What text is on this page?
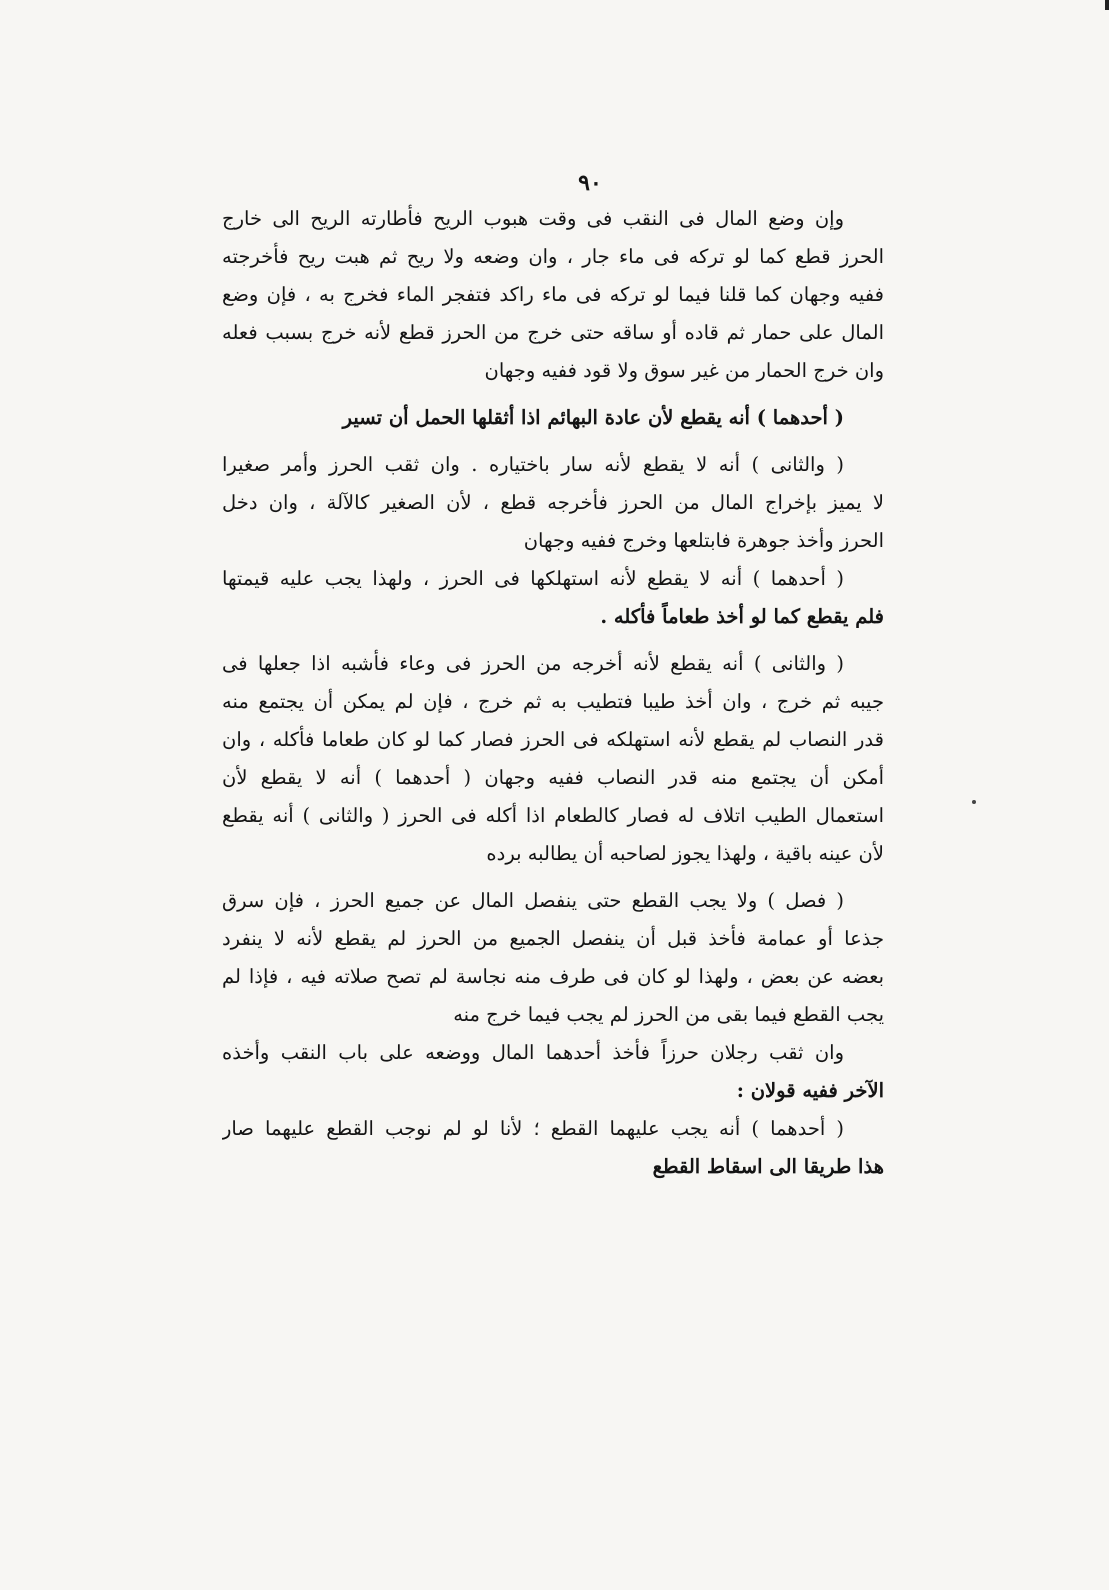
٩٠
وإن وضع المال فى النقب فى وقت هبوب الريح فأطارته الريح الى خارج
الحرز قطع كما لو تركه فى ماء جار ، وان وضعه ولا ريح ثم هبت ريح فأخرجته
ففيه وجهان كما قلنا فيما لو تركه فى ماء راكد فتفجر الماء فخرج به ، فإن وضع
المال على حمار ثم قاده أو ساقه حتى خرج من الحرز قطع لأنه خرج بسبب فعله
وان خرج الحمار من غير سوق ولا قود ففيه وجهان
( أحدهما ) أنه يقطع لأن عادة البهائم اذا أثقلها الحمل أن تسير
( والثانى ) أنه لا يقطع لأنه سار باختياره . وان ثقب الحرز وأمر صغيرا
لا يميز بإخراج المال من الحرز فأخرجه قطع ، لأن الصغير كالآلة ، وان دخل
الحرز وأخذ جوهرة فابتلعها وخرج ففيه وجهان
( أحدهما ) أنه لا يقطع لأنه استهلكها فى الحرز ، ولهذا يجب عليه قيمتها
فلم يقطع كما لو أخذ طعاماً فأكله .
( والثانى ) أنه يقطع لأنه أخرجه من الحرز فى وعاء فأشبه اذا جعلها فى
جيبه ثم خرج ، وان أخذ طيبا فتطيب به ثم خرج ، فإن لم يمكن أن يجتمع منه
قدر النصاب لم يقطع لأنه استهلكه فى الحرز فصار كما لو كان طعاما فأكله ، وان
أمكن أن يجتمع منه قدر النصاب ففيه وجهان ( أحدهما ) أنه لا يقطع لأن
استعمال الطيب اتلاف له فصار كالطعام اذا أكله فى الحرز ( والثانى ) أنه يقطع
لأن عينه باقية ، ولهذا يجوز لصاحبه أن يطالبه برده
( فصل ) ولا يجب القطع حتى ينفصل المال عن جميع الحرز ، فإن سرق
جذعا أو عمامة فأخذ قبل أن ينفصل الجميع من الحرز لم يقطع لأنه لا ينفرد
بعضه عن بعض ، ولهذا لو كان فى طرف منه نجاسة لم تصح صلاته فيه ، فإذا لم
يجب القطع فيما بقى من الحرز لم يجب فيما خرج منه
وان ثقب رجلان حرزاً فأخذ أحدهما المال ووضعه على باب النقب وأخذه
الآخر ففيه قولان :
( أحدهما ) أنه يجب عليهما القطع ؛ لأنا لو لم نوجب القطع عليهما صار
هذا طريقا الى اسقاط القطع
